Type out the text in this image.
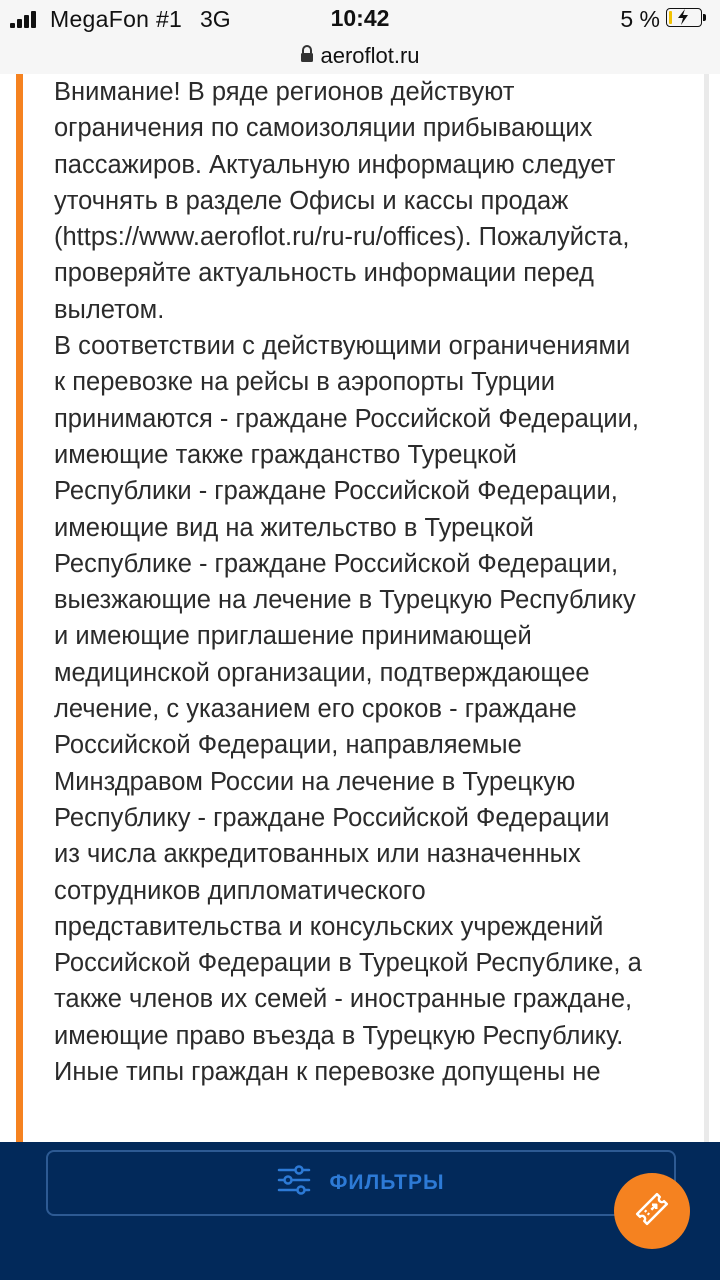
MegaFon #1 3G	10:42	5 %
aeroflot.ru
Внимание! В ряде регионов действуют
ограничения по самоизоляции прибывающих
пассажиров. Актуальную информацию следует
уточнять в разделе Офисы и кассы продаж
(https://www.aeroflot.ru/ru-ru/offices). Пожалуйста,
проверяйте актуальность информации перед
вылетом.
В соответствии с действующими ограничениями
к перевозке на рейсы в аэропорты Турции
принимаются - граждане Российской Федерации,
имеющие также гражданство Турецкой
Республики - граждане Российской Федерации,
имеющие вид на жительство в Турецкой
Республике - граждане Российской Федерации,
выезжающие на лечение в Турецкую Республику
и имеющие приглашение принимающей
медицинской организации, подтверждающее
лечение, с указанием его сроков - граждане
Российской Федерации, направляемые
Минздравом России на лечение в Турецкую
Республику - граждане Российской Федерации
из числа аккредитованных или назначенных
сотрудников дипломатического
представительства и консульских учреждений
Российской Федерации в Турецкой Республике, а
также членов их семей - иностранные граждане,
имеющие право въезда в Турецкую Республику.
Иные типы граждан к перевозке допущены не
ФИЛЬТРЫ
